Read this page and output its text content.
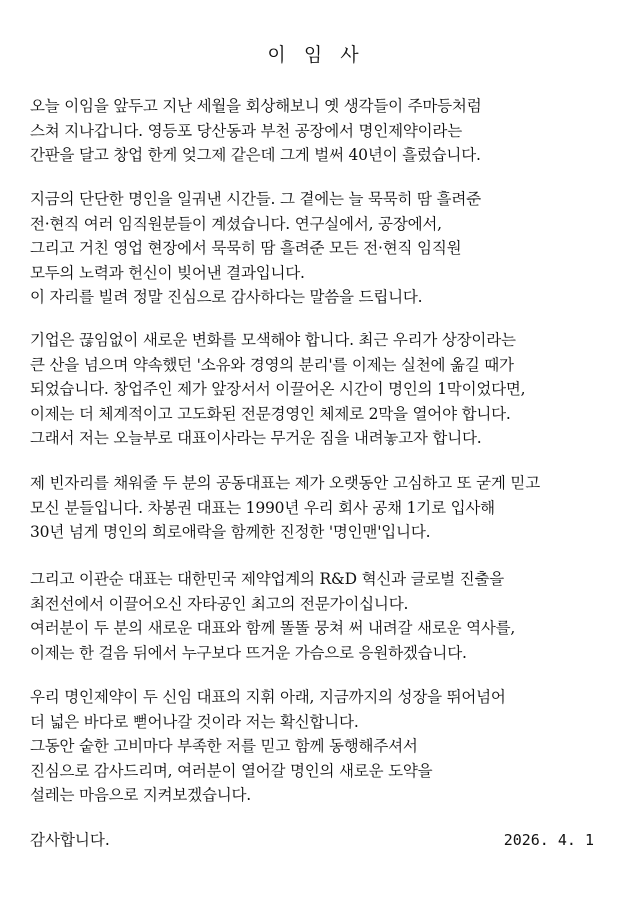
이 임 사
오늘 이임을 앞두고 지난 세월을 회상해보니 옛 생각들이 주마등처럼
스쳐 지나갑니다. 영등포 당산동과 부천 공장에서 명인제약이라는
간판을 달고 창업 한게 엊그제 같은데 그게 벌써 40년이 흘렀습니다.
지금의 단단한 명인을 일궈낸 시간들. 그 곁에는 늘 묵묵히 땀 흘려준
전·현직 여러 임직원분들이 계셨습니다. 연구실에서, 공장에서,
그리고 거친 영업 현장에서 묵묵히 땀 흘려준 모든 전·현직 임직원
모두의 노력과 헌신이 빚어낸 결과입니다.
이 자리를 빌려 정말 진심으로 감사하다는 말씀을 드립니다.
기업은 끊임없이 새로운 변화를 모색해야 합니다. 최근 우리가 상장이라는
큰 산을 넘으며 약속했던 '소유와 경영의 분리'를 이제는 실천에 옮길 때가
되었습니다. 창업주인 제가 앞장서서 이끌어온 시간이 명인의 1막이었다면,
이제는 더 체계적이고 고도화된 전문경영인 체제로 2막을 열어야 합니다.
그래서 저는 오늘부로 대표이사라는 무거운 짐을 내려놓고자 합니다.
제 빈자리를 채워줄 두 분의 공동대표는 제가 오랫동안 고심하고 또 굳게 믿고
모신 분들입니다. 차봉권 대표는 1990년 우리 회사 공채 1기로 입사해
30년 넘게 명인의 희로애락을 함께한 진정한 '명인맨'입니다.
그리고 이관순 대표는 대한민국 제약업계의 R&D 혁신과 글로벌 진출을
최전선에서 이끌어오신 자타공인 최고의 전문가이십니다.
여러분이 두 분의 새로운 대표와 함께 똘똘 뭉쳐 써 내려갈 새로운 역사를,
이제는 한 걸음 뒤에서 누구보다 뜨거운 가슴으로 응원하겠습니다.
우리 명인제약이 두 신임 대표의 지휘 아래, 지금까지의 성장을 뛰어넘어
더 넓은 바다로 뻗어나갈 것이라 저는 확신합니다.
그동안 숱한 고비마다 부족한 저를 믿고 함께 동행해주셔서
진심으로 감사드리며, 여러분이 열어갈 명인의 새로운 도약을
설레는 마음으로 지켜보겠습니다.
감사합니다.	2026. 4. 1
